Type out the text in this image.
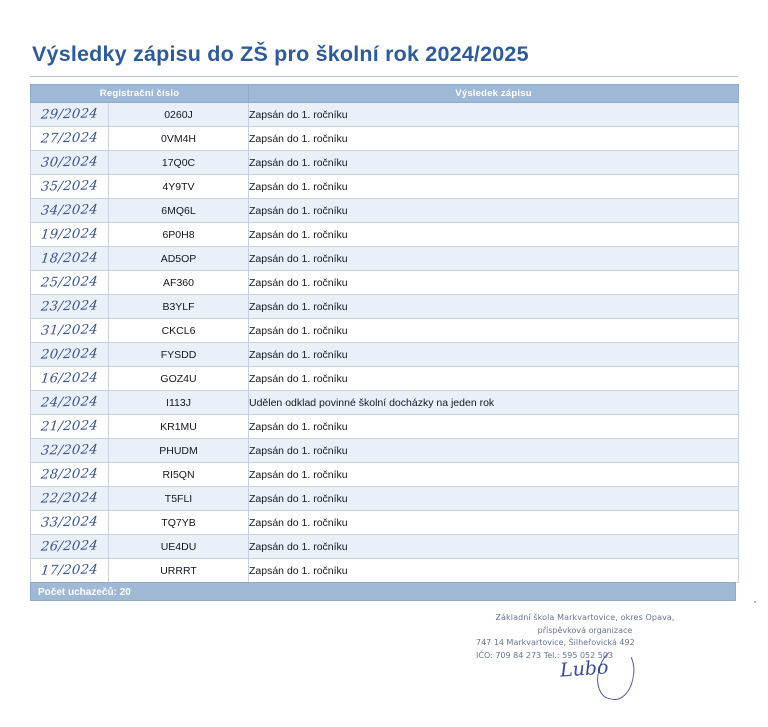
Výsledky zápisu do ZŠ pro školní rok 2024/2025
Registrační číslo		Výsledek zápisu

29/2024	0260J	Zapsán do 1. ročníku

27/2024	0VM4H	Zapsán do 1. ročníku

30/2024	17Q0C	Zapsán do 1. ročníku

35/2024	4Y9TV	Zapsán do 1. ročníku

34/2024	6MQ6L	Zapsán do 1. ročníku

19/2024	6P0H8	Zapsán do 1. ročníku

18/2024	AD5OP	Zapsán do 1. ročníku

25/2024	AF360	Zapsán do 1. ročníku

23/2024	B3YLF	Zapsán do 1. ročníku

31/2024	CKCL6	Zapsán do 1. ročníku

20/2024	FYSDD	Zapsán do 1. ročníku

16/2024	GOZ4U	Zapsán do 1. ročníku

24/2024	I113J	Udělen odklad povinné školní docházky na jeden rok

21/2024	KR1MU	Zapsán do 1. ročníku

32/2024	PHUDM	Zapsán do 1. ročníku

28/2024	RI5QN	Zapsán do 1. ročníku

22/2024	T5FLI	Zapsán do 1. ročníku

33/2024	TQ7YB	Zapsán do 1. ročníku

26/2024	UE4DU	Zapsán do 1. ročníku

17/2024	URRRT	Zapsán do 1. ročníku
Počet uchazečů: 20
Základní škola Markvartovice, okres Opava,
příspěvková organizace
747 14 Markvartovice, Šilheřovická 492
IČO: 709 84 273 Tel.: 595 052 503
Lubo
